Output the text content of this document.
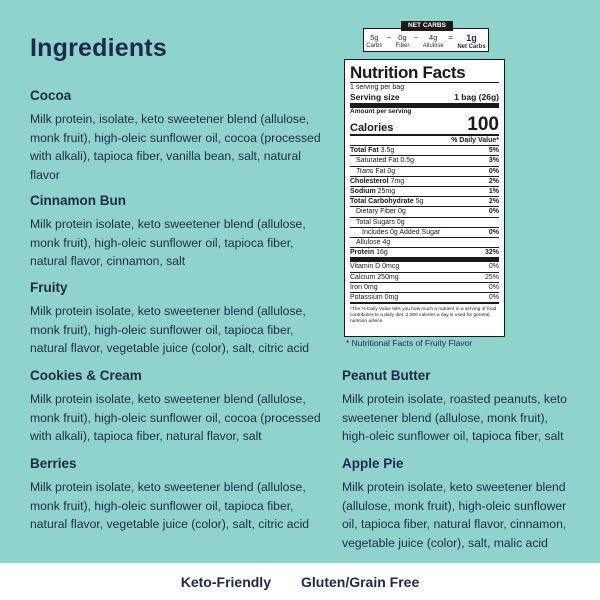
Ingredients
Cocoa

Milk protein, isolate, keto sweetener blend (allulose, monk fruit), high-oleic sunflower oil, cocoa (processed with alkali), tapioca fiber, vanilla bean, salt, natural flavor

Cinnamon Bun

Milk protein isolate, keto sweetener blend (allulose, monk fruit), high-oleic sunflower oil, tapioca fiber, natural flavor, cinnamon, salt

Fruity

Milk protein isolate, keto sweetener blend (allulose, monk fruit), high-oleic sunflower oil, tapioca fiber, natural flavor, vegetable juice (color), salt, citric acid

Cookies & Cream

Milk protein isolate, keto sweetener blend (allulose, monk fruit), high-oleic sunflower oil, cocoa (processed with alkali), tapioca fiber, natural flavor, salt

Berries

Milk protein isolate, keto sweetener blend (allulose, monk fruit), high-oleic sunflower oil, tapioca fiber, natural flavor, vegetable juice (color), salt, citric acid

Peanut Butter

Milk protein isolate, roasted peanuts, keto sweetener blend (allulose, monk fruit), high-oleic sunflower oil, tapioca fiber, salt

Apple Pie

Milk protein isolate, keto sweetener blend (allulose, monk fruit), high-oleic sunflower oil, tapioca fiber, natural flavor, cinnamon, vegetable juice (color), salt, malic acid

NET CARBS
5g
Carbs
– 0g
Fiber
– 4g
Allulose
= 1g
Net Carbs
Nutrition Facts
1 serving per bag
Serving size	1 bag (26g)
Amount per serving
Calories	100
% Daily Value*
Total Fat 3.5g	5%
Saturated Fat 0.5g	3%
Trans Fat 0g	0%
Cholesterol 7mg	2%
Sodium 25mg	1%
Total Carbohydrate 5g	2%
Dietary Fiber 0g	0%
Total Sugars 0g
Includes 0g Added Sugar	0%
Allulose 4g
Protein 16g	32%
Vitamin D 0mcg	0%
Calcium 250mg	25%
Iron 0mg	0%
Potassium 0mg	0%
*The % Daily Value tells you how much a nutrient in a serving of food contributes to a daily diet. 2,000 calories a day is used for general nutrition advice.
* Nutritional Facts of Fruity Flavor
Keto-Friendly Gluten/Grain Free
